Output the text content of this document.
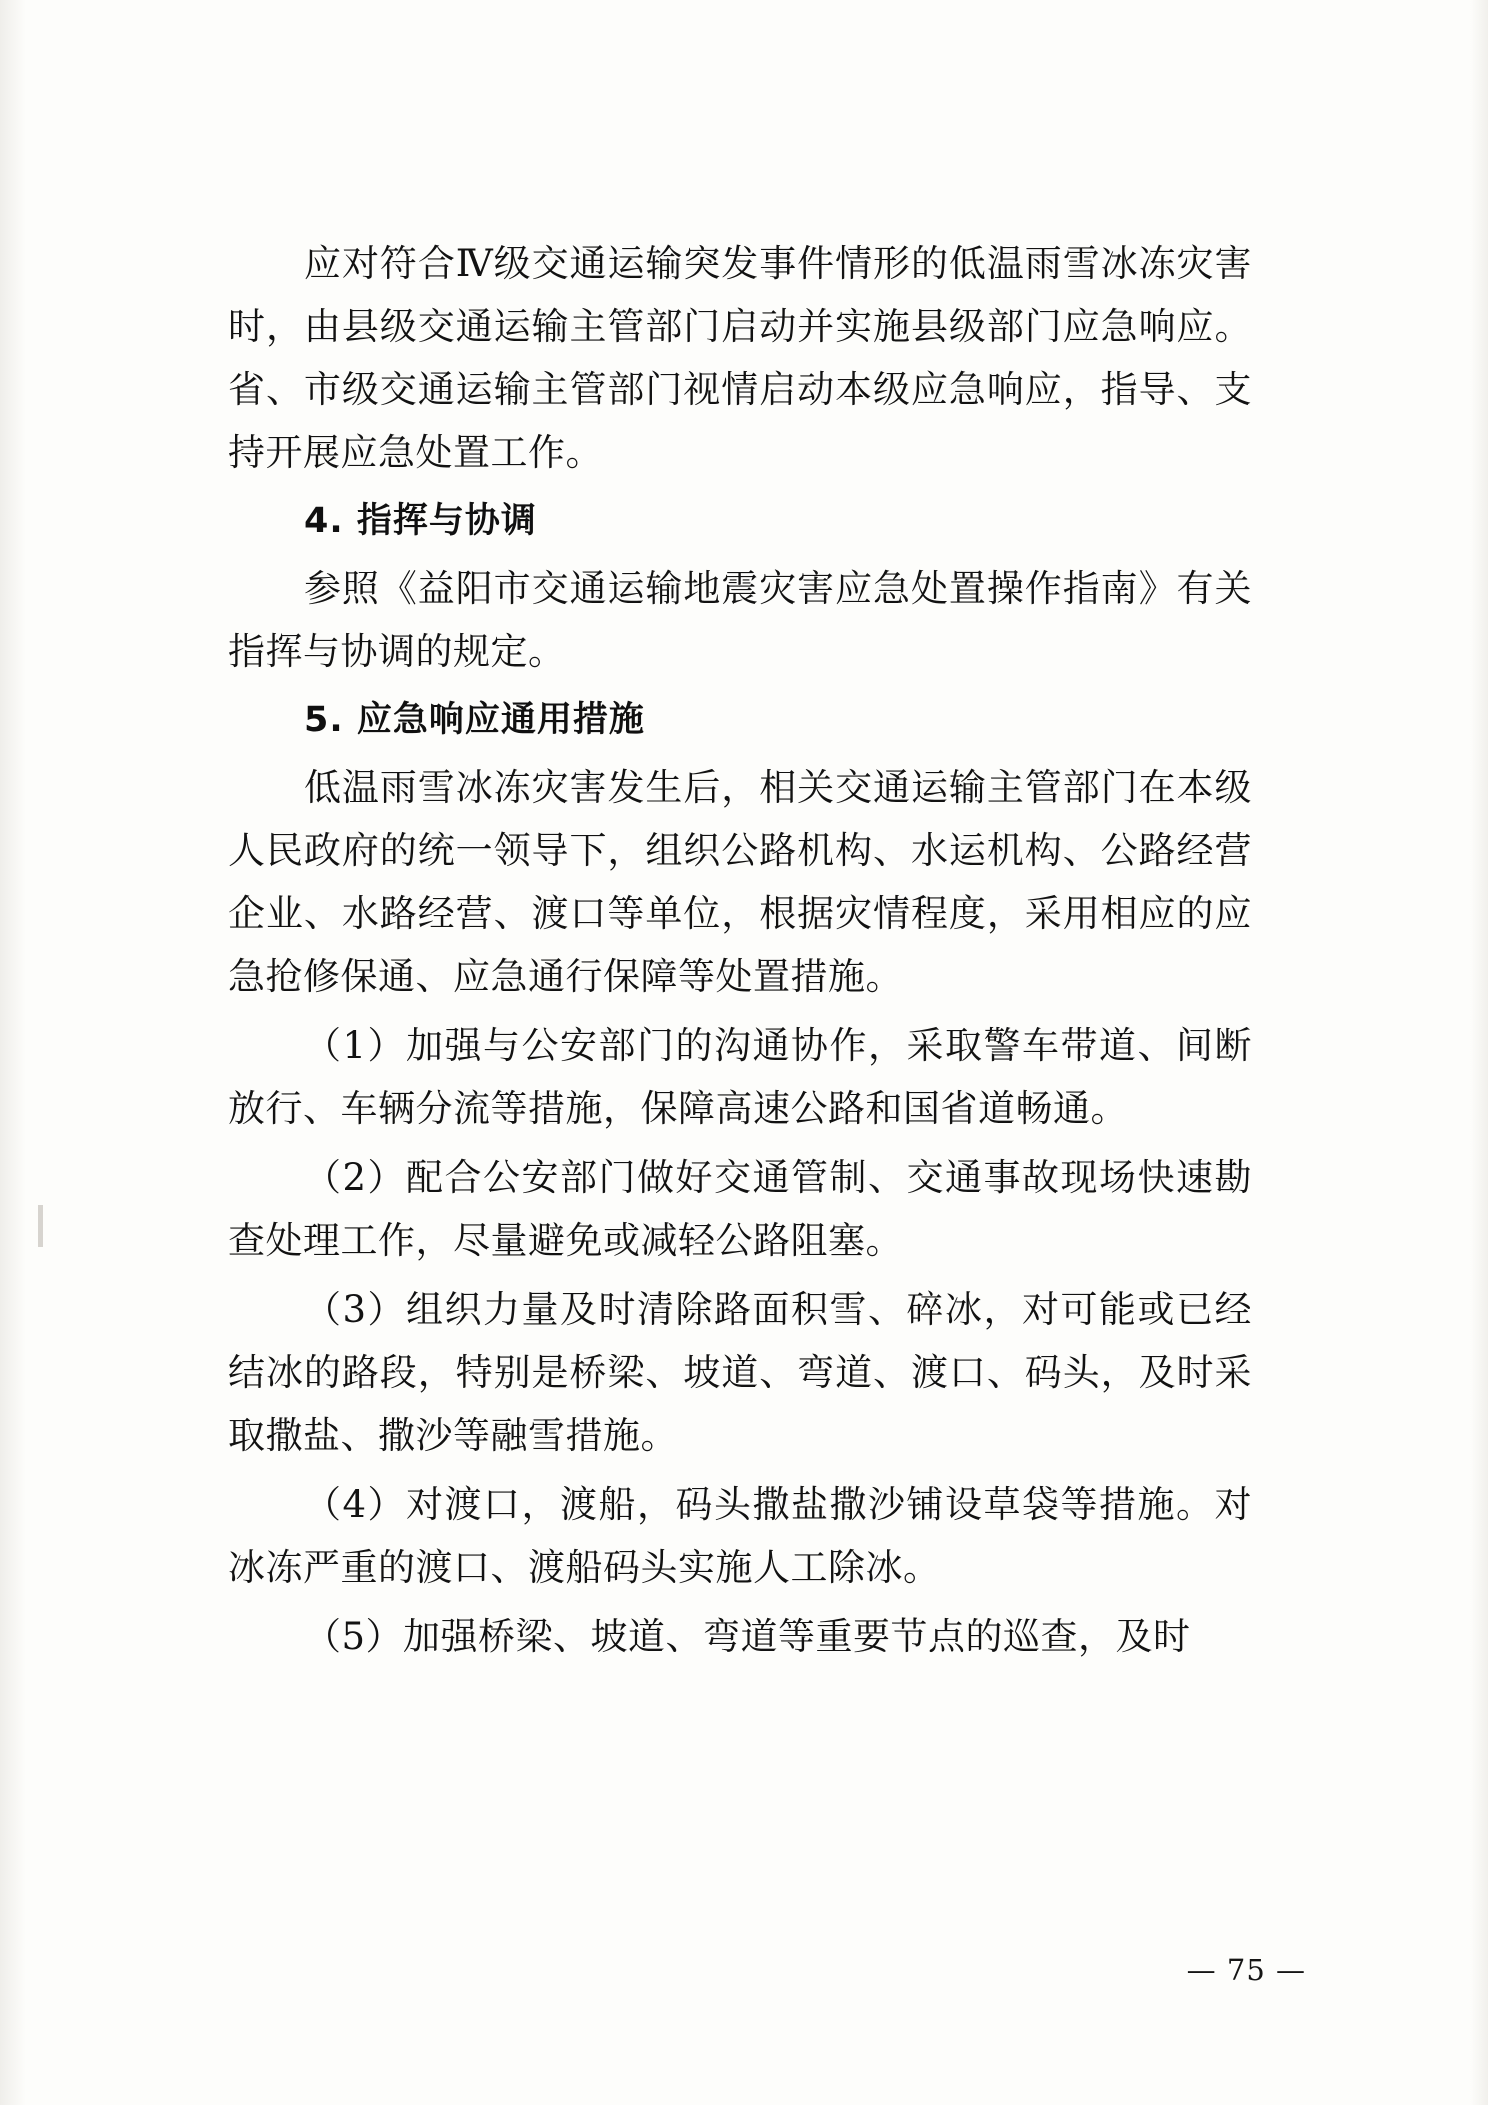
应对符合Ⅳ级交通运输突发事件情形的低温雨雪冰冻灾害时，由县级交通运输主管部门启动并实施县级部门应急响应。省、市级交通运输主管部门视情启动本级应急响应，指导、支持开展应急处置工作。

4. 指挥与协调

参照《益阳市交通运输地震灾害应急处置操作指南》有关指挥与协调的规定。

5. 应急响应通用措施

低温雨雪冰冻灾害发生后，相关交通运输主管部门在本级人民政府的统一领导下，组织公路机构、水运机构、公路经营企业、水路经营、渡口等单位，根据灾情程度，采用相应的应急抢修保通、应急通行保障等处置措施。

（1）加强与公安部门的沟通协作，采取警车带道、间断放行、车辆分流等措施，保障高速公路和国省道畅通。

（2）配合公安部门做好交通管制、交通事故现场快速勘查处理工作，尽量避免或减轻公路阻塞。

（3）组织力量及时清除路面积雪、碎冰，对可能或已经结冰的路段，特别是桥梁、坡道、弯道、渡口、码头，及时采取撒盐、撒沙等融雪措施。

（4）对渡口，渡船，码头撒盐撒沙铺设草袋等措施。对冰冻严重的渡口、渡船码头实施人工除冰。

（5）加强桥梁、坡道、弯道等重要节点的巡查，及时

— 75 —
